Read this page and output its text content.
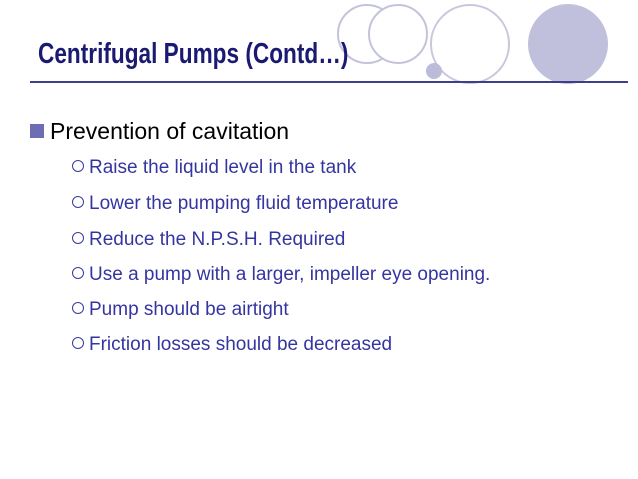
Centrifugal Pumps (Contd…)
Prevention of cavitation
Raise the liquid level in the tank
Lower the pumping fluid temperature
Reduce the N.P.S.H. Required
Use a pump with a larger, impeller eye opening.
Pump should be airtight
Friction losses should be decreased
